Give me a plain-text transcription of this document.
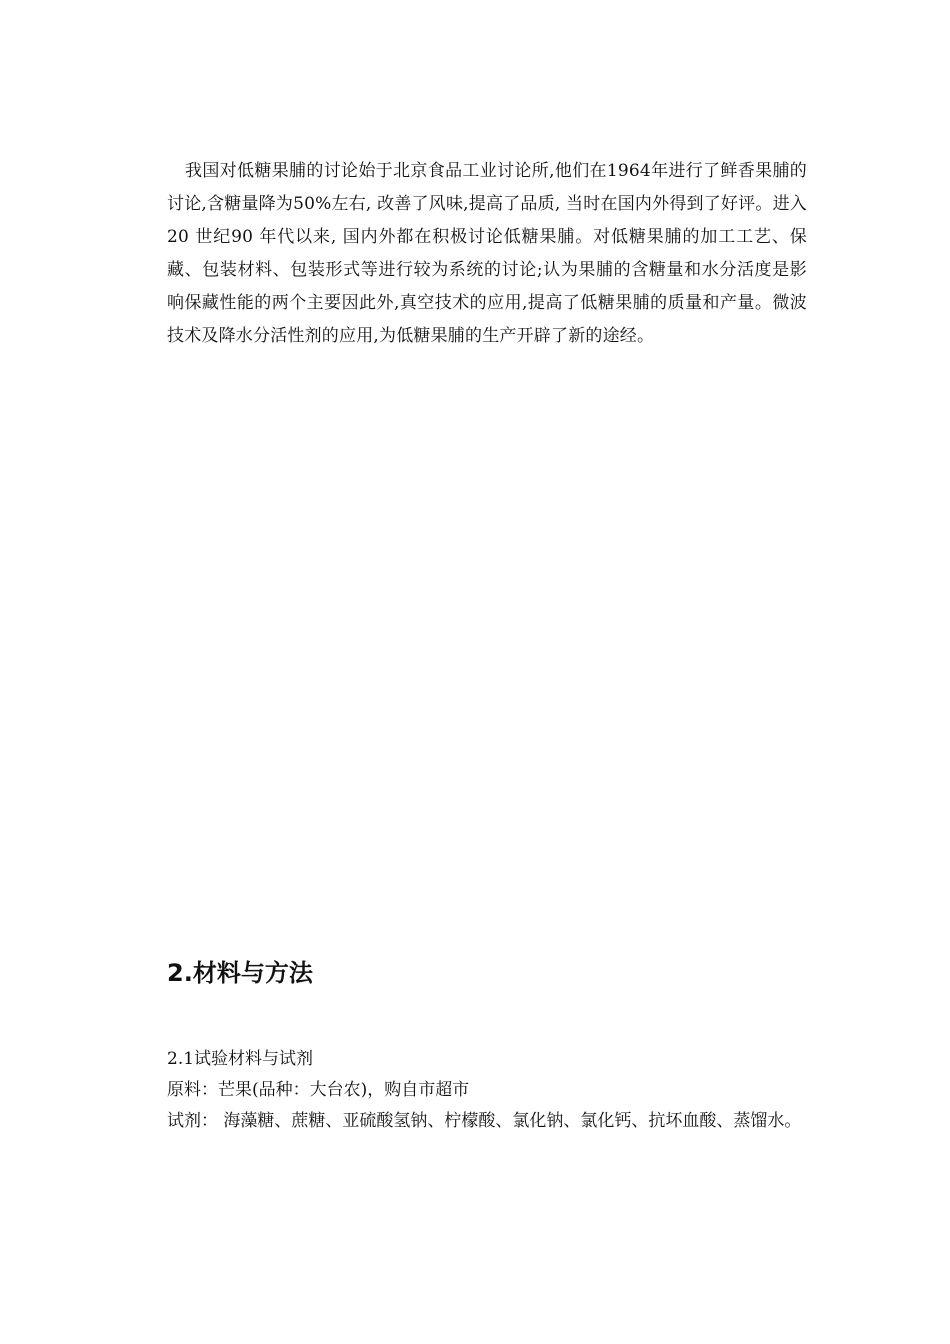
我国对低糖果脯的讨论始于北京食品工业讨论所,他们在1964年进行了鲜香果脯的讨论,含糖量降为50%左右, 改善了风味,提高了品质, 当时在国内外得到了好评。进入20 世纪90 年代以来, 国内外都在积极讨论低糖果脯。对低糖果脯的加工工艺、保藏、包装材料、包装形式等进行较为系统的讨论;认为果脯的含糖量和水分活度是影响保藏性能的两个主要因此外,真空技术的应用,提高了低糖果脯的质量和产量。微波技术及降水分活性剂的应用,为低糖果脯的生产开辟了新的途经。

2.材料与方法

2.1试验材料与试剂

原料：芒果(品种：大台农)，购自市超市

试剂： 海藻糖、蔗糖、亚硫酸氢钠、柠檬酸、氯化钠、氯化钙、抗坏血酸、蒸馏水。
